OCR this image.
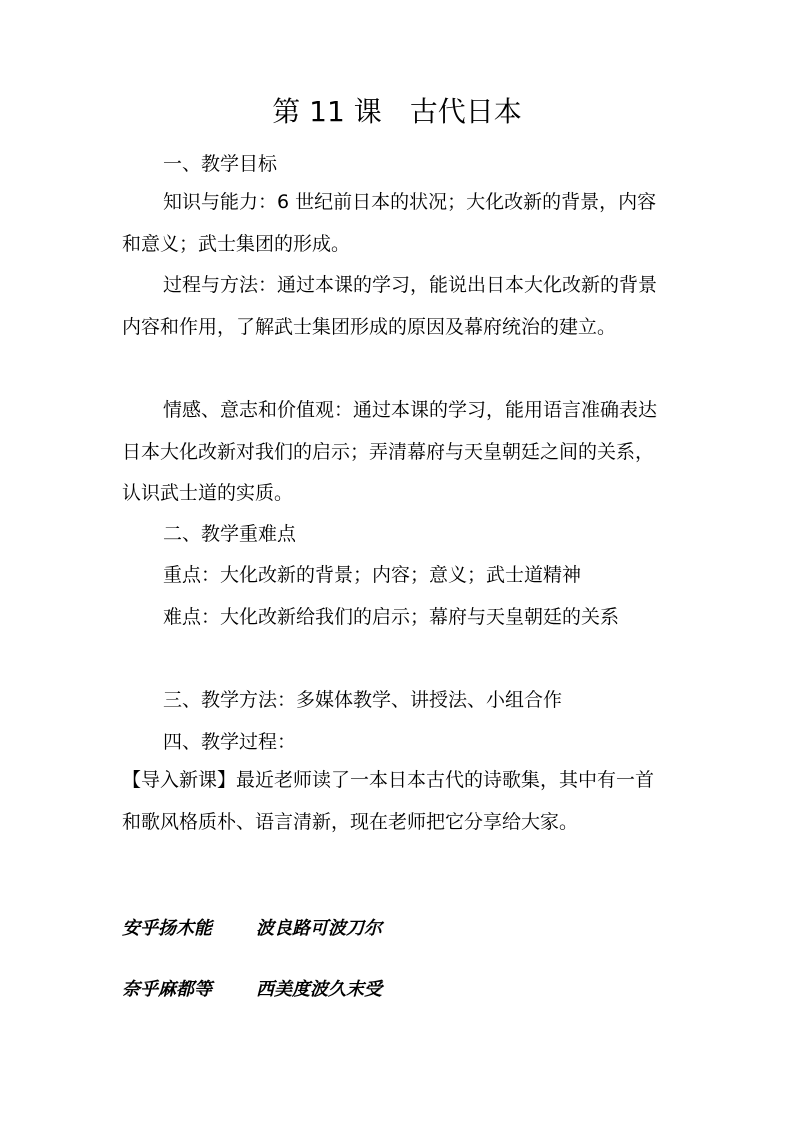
第 11 课　古代日本

一、教学目标

知识与能力：6 世纪前日本的状况；大化改新的背景，内容和意义；武士集团的形成。

过程与方法：通过本课的学习，能说出日本大化改新的背景内容和作用，了解武士集团形成的原因及幕府统治的建立。

情感、意志和价值观：通过本课的学习，能用语言准确表达日本大化改新对我们的启示；弄清幕府与天皇朝廷之间的关系，认识武士道的实质。

二、教学重难点

重点：大化改新的背景；内容；意义；武士道精神

难点：大化改新给我们的启示；幕府与天皇朝廷的关系

三、教学方法：多媒体教学、讲授法、小组合作

四、教学过程：

【导入新课】最近老师读了一本日本古代的诗歌集，其中有一首和歌风格质朴、语言清新，现在老师把它分享给大家。

安乎扬木能 波良路可波刀尔
奈乎麻都等 西美度波久末受
